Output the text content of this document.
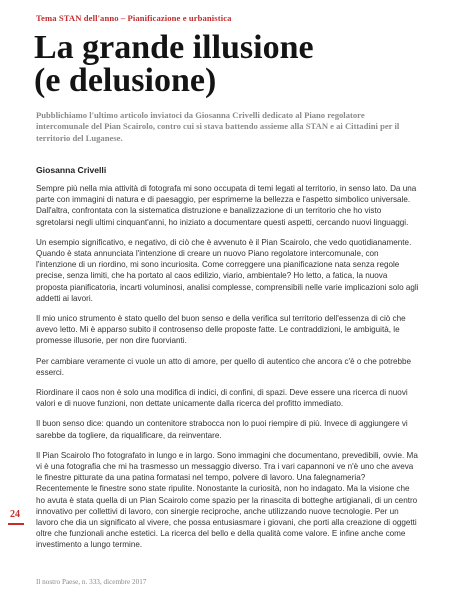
Tema STAN dell'anno – Pianificazione e urbanistica
La grande illusione
(e delusione)

Pubblichiamo l'ultimo articolo inviatoci da Giosanna Crivelli dedicato al Piano regolatore intercomunale del Pian Scairolo, contro cui si stava battendo assieme alla STAN e ai Cittadini per il territorio del Luganese.

Giosanna Crivelli

Sempre più nella mia attività di fotografa mi sono occupata di temi legati al territorio, in senso lato. Da una parte con immagini di natura e di paesaggio, per esprimerne la bellezza e l'aspetto simbolico universale. Dall'altra, confrontata con la sistematica distruzione e banalizzazione di un territorio che ho visto sgretolarsi negli ultimi cinquant'anni, ho iniziato a documentare questi aspetti, cercando nuovi linguaggi.

Un esempio significativo, e negativo, di ciò che è avvenuto è il Pian Scairolo, che vedo quotidianamente. Quando è stata annunciata l'intenzione di creare un nuovo Piano regolatore intercomunale, con l'intenzione di un riordino, mi sono incuriosita. Come correggere una pianificazione nata senza regole precise, senza limiti, che ha portato al caos edilizio, viario, ambientale? Ho letto, a fatica, la nuova proposta pianificatoria, incarti voluminosi, analisi complesse, comprensibili nelle varie implicazioni solo agli addetti ai lavori.

Il mio unico strumento è stato quello del buon senso e della verifica sul territorio dell'essenza di ciò che avevo letto. Mi è apparso subito il controsenso delle proposte fatte. Le contraddizioni, le ambiguità, le promesse illusorie, per non dire fuorvianti.

Per cambiare veramente ci vuole un atto di amore, per quello di autentico che ancora c'è o che potrebbe esserci.

Riordinare il caos non è solo una modifica di indici, di confini, di spazi. Deve essere una ricerca di nuovi valori e di nuove funzioni, non dettate unicamente dalla ricerca del profitto immediato.

Il buon senso dice: quando un contenitore strabocca non lo puoi riempire di più. Invece di aggiungere vi sarebbe da togliere, da riqualificare, da reinventare.

Il Pian Scairolo l'ho fotografato in lungo e in largo. Sono immagini che documentano, prevedibili, ovvie. Ma vi è una fotografia che mi ha trasmesso un messaggio diverso. Tra i vari capannoni ve n'è uno che aveva le finestre pitturate da una patina formatasi nel tempo, polvere di lavoro. Una falegnameria? Recentemente le finestre sono state ripulite. Nonostante la curiosità, non ho indagato. Ma la visione che ho avuta è stata quella di un Pian Scairolo come spazio per la rinascita di botteghe artigianali, di un centro innovativo per collettivi di lavoro, con sinergie reciproche, anche utilizzando nuove tecnologie. Per un lavoro che dia un significato al vivere, che possa entusiasmare i giovani, che porti alla creazione di oggetti oltre che funzionali anche estetici. La ricerca del bello e della qualità come valore. E infine anche come investimento a lungo termine.

24
Il nostro Paese, n. 333, dicembre 2017
